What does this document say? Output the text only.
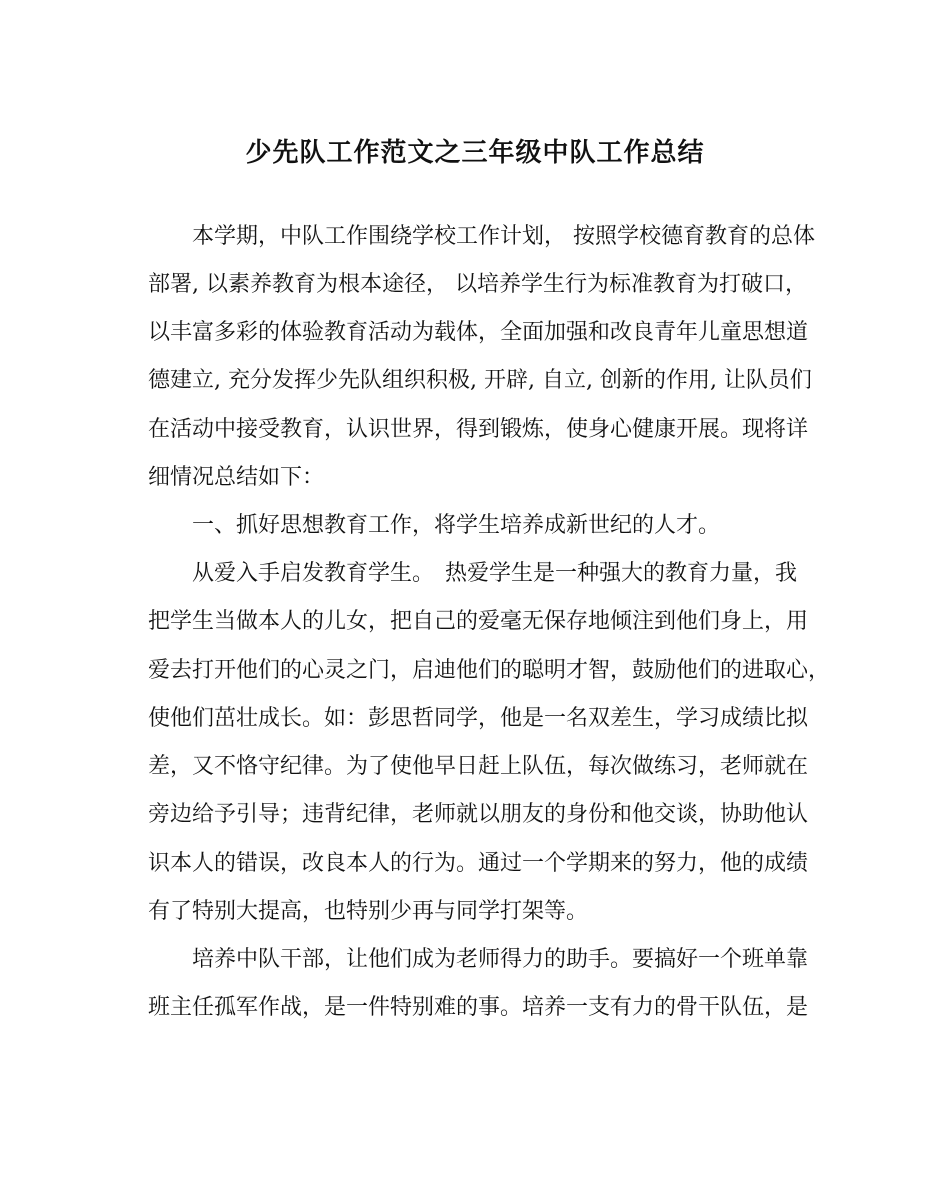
少先队工作范文之三年级中队工作总结
　　本学期，中队工作围绕学校工作计划， 按照学校德育教育的总体
部署, 以素养教育为根本途径， 以培养学生行为标准教育为打破口，
以丰富多彩的体验教育活动为载体，全面加强和改良青年儿童思想道
德建立, 充分发挥少先队组织积极, 开辟, 自立, 创新的作用, 让队员们
在活动中接受教育，认识世界，得到锻炼，使身心健康开展。现将详
细情况总结如下：
　　一、抓好思想教育工作，将学生培养成新世纪的人才。
　　从爱入手启发教育学生。　热爱学生是一种强大的教育力量，我
把学生当做本人的儿女，把自己的爱毫无保存地倾注到他们身上，用
爱去打开他们的心灵之门，启迪他们的聪明才智，鼓励他们的进取心，
使他们茁壮成长。如：彭思哲同学，他是一名双差生，学习成绩比拟
差，又不恪守纪律。为了使他早日赶上队伍，每次做练习，老师就在
旁边给予引导；违背纪律，老师就以朋友的身份和他交谈，协助他认
识本人的错误，改良本人的行为。通过一个学期来的努力，他的成绩
有了特别大提高，也特别少再与同学打架等。
　　培养中队干部，让他们成为老师得力的助手。要搞好一个班单靠
班主任孤军作战，是一件特别难的事。培养一支有力的骨干队伍，是
